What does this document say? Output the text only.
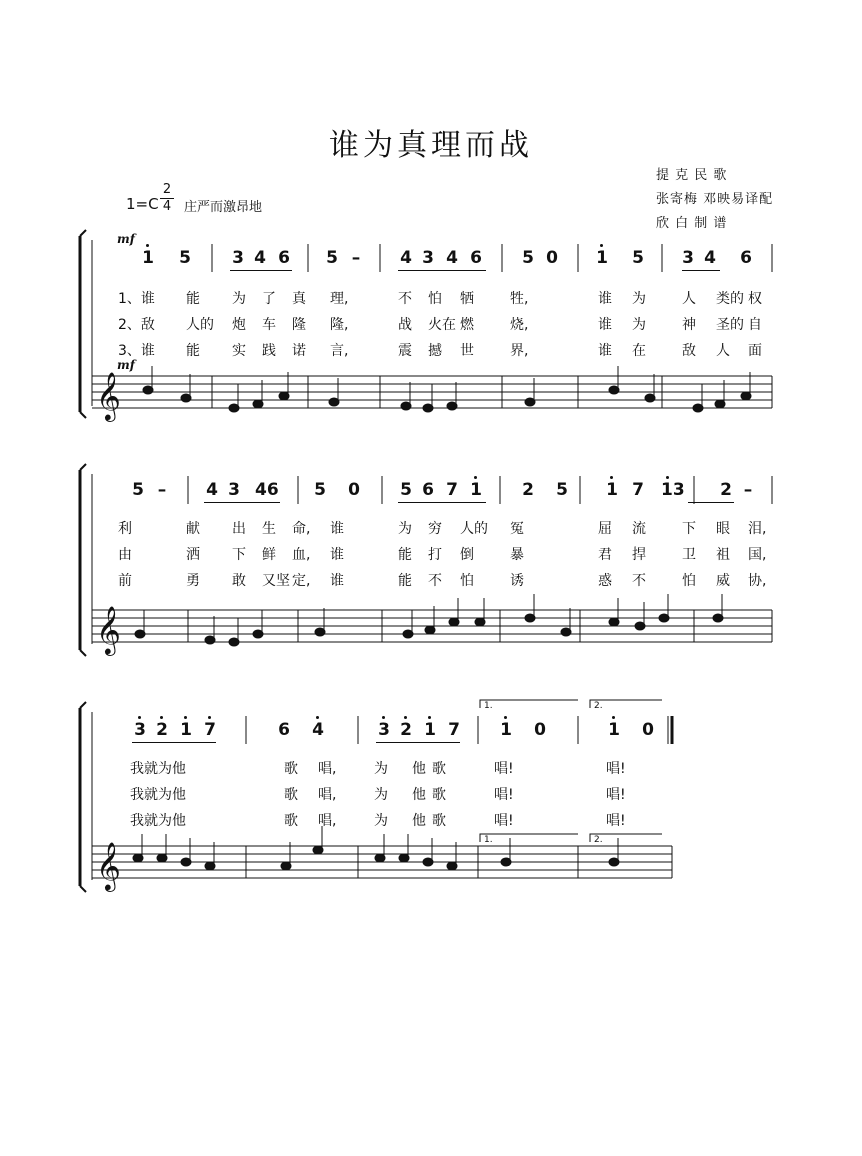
谁为真理而战
提 克 民 歌
张寄梅 邓映易译配
欣 白 制 谱
1=C
2
4 庄严而激昂地
mf
mf
𝄞
𝄞
𝄞
1.	2.
1.	2.
1 5 3 4 6 5 – 4 3 4 6 5 0 1 5 3 4 6
5 – 4 3 46 5 0 5 6 7 1 2 5 1 7 13 2 –
3 2 1 7	6 4	3 2 1 7 1 0	1 0
1、谁 能 为 了 真 理,	不 怕 牺	牲,	谁 为	人 类的 权
2、敌 人的 炮 车 隆 隆,	战 火在 燃	烧,	谁 为	神 圣的 自
3、谁 能 实 践 诺 言,	震 撼 世	界,	谁 在	敌 人 面
利	献 出 生 命, 谁	为 穷 人的 冤	屈 流	下 眼 泪,
由	洒 下 鲜 血, 谁	能 打 倒	暴	君 捍	卫 祖 国,
前	勇 敢 又坚 定, 谁	能 不 怕	诱	惑 不	怕 威 协,
我就为他	歌 唱,	为 他 歌	唱!	唱!
我就为他	歌 唱,	为 他 歌	唱!	唱!
我就为他	歌 唱,	为 他 歌	唱!	唱!
